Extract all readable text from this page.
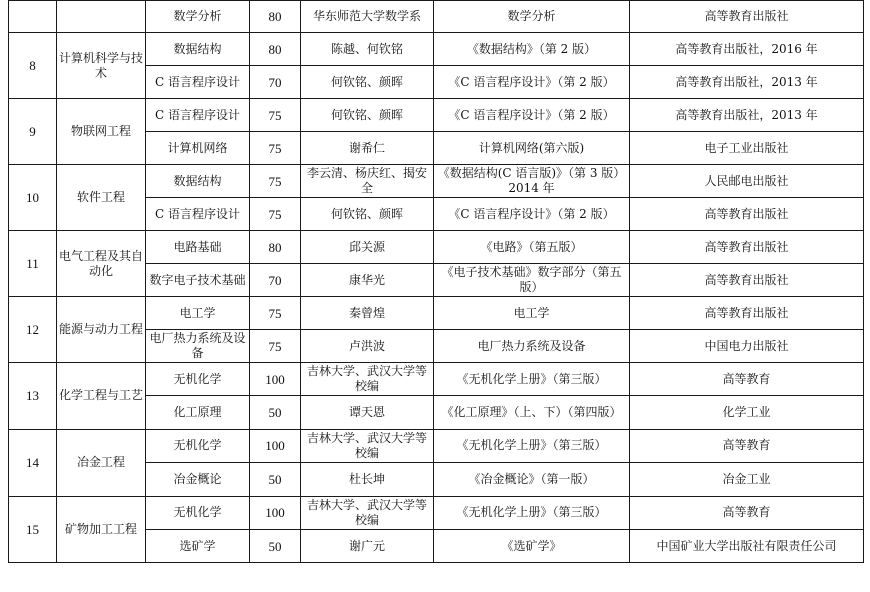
		数学分析	80	华东师范大学数学系	数学分析	高等教育出版社
8	计算机科学与技术	数据结构	80	陈越、何钦铭	《数据结构》（第 2 版）	高等教育出版社，2016 年
		C 语言程序设计	70	何钦铭、颜晖	《C 语言程序设计》（第 2 版）	高等教育出版社，2013 年
9	物联网工程	C 语言程序设计	75	何钦铭、颜晖	《C 语言程序设计》（第 2 版）	高等教育出版社，2013 年
		计算机网络	75	谢希仁	计算机网络(第六版)	电子工业出版社
10	软件工程	数据结构	75	李云清、杨庆红、揭安全	《数据结构(C 语言版)》（第 3 版）2014 年	人民邮电出版社
		C 语言程序设计	75	何钦铭、颜晖	《C 语言程序设计》（第 2 版）	高等教育出版社
11	电气工程及其自动化	电路基础	80	邱关源	《电路》（第五版）	高等教育出版社
		数字电子技术基础	70	康华光	《电子技术基础》数字部分（第五版）	高等教育出版社
12	能源与动力工程	电工学	75	秦曾煌	电工学	高等教育出版社
		电厂热力系统及设备	75	卢洪波	电厂热力系统及设备	中国电力出版社
13	化学工程与工艺	无机化学	100	吉林大学、武汉大学等校编	《无机化学上册》（第三版）	高等教育
		化工原理	50	谭天恩	《化工原理》（上、下）（第四版）	化学工业
14	冶金工程	无机化学	100	吉林大学、武汉大学等校编	《无机化学上册》（第三版）	高等教育
		冶金概论	50	杜长坤	《冶金概论》（第一版）	冶金工业
15	矿物加工工程	无机化学	100	吉林大学、武汉大学等校编	《无机化学上册》（第三版）	高等教育
		选矿学	50	谢广元	《选矿学》	中国矿业大学出版社有限责任公司
